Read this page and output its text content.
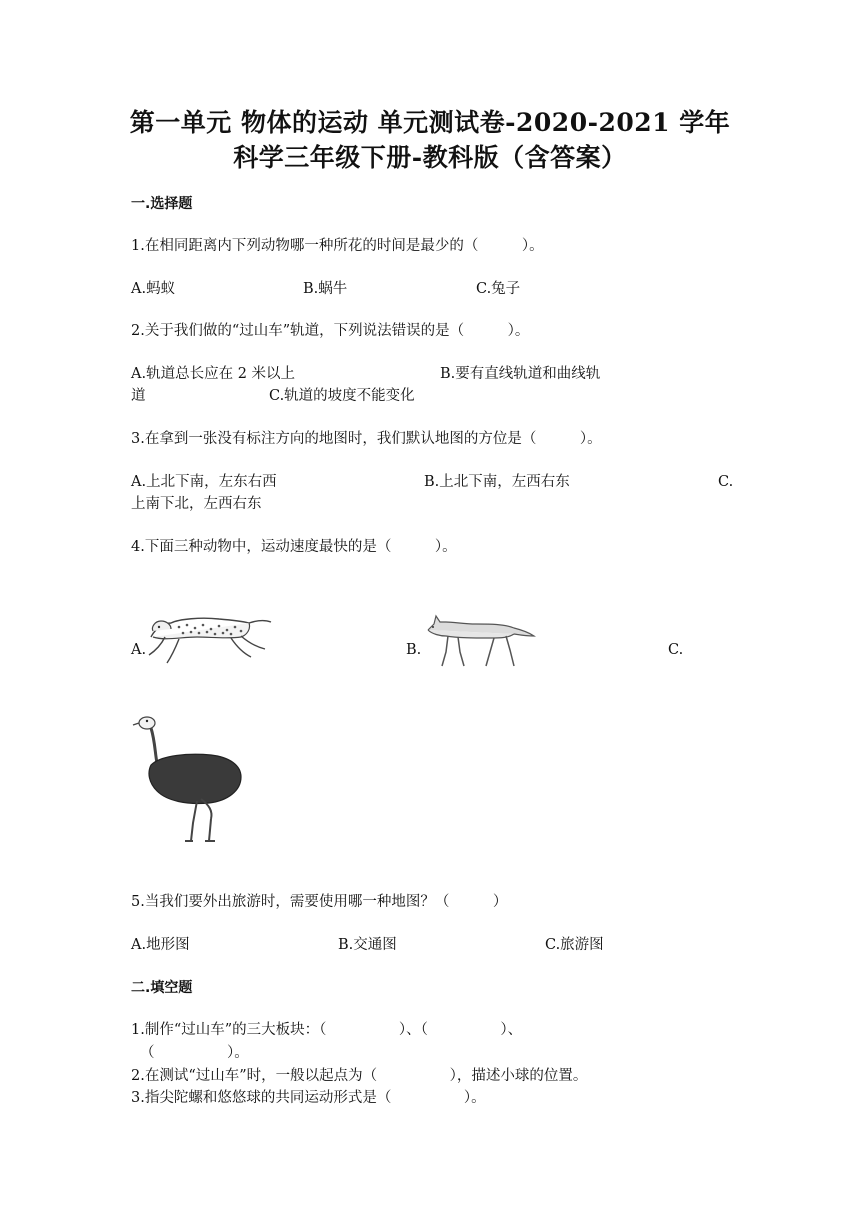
第一单元 物体的运动 单元测试卷-2020-2021 学年
科学三年级下册-教科版（含答案）
一.选择题
1.在相同距离内下列动物哪一种所花的时间是最少的（　　　）。
A.蚂蚁	B.蜗牛	C.兔子
2.关于我们做的“过山车”轨道，下列说法错误的是（　　　）。
A.轨道总长应在 2 米以上	B.要有直线轨道和曲线轨
道	C.轨道的坡度不能变化
3.在拿到一张没有标注方向的地图时，我们默认地图的方位是（　　　）。
A.上北下南，左东右西	B.上北下南，左西右东	C.
上南下北，左西右东
4.下面三种动物中，运动速度最快的是（　　　）。
A.	B.	C.
5.当我们要外出旅游时，需要使用哪一种地图？（　　　）
A.地形图	B.交通图	C.旅游图
二.填空题
1.制作“过山车”的三大板块：（　　　　　）、（　　　　　）、
（　　　　　）。
2.在测试“过山车”时，一般以起点为（　　　　　），描述小球的位置。
3.指尖陀螺和悠悠球的共同运动形式是（　　　　　）。
